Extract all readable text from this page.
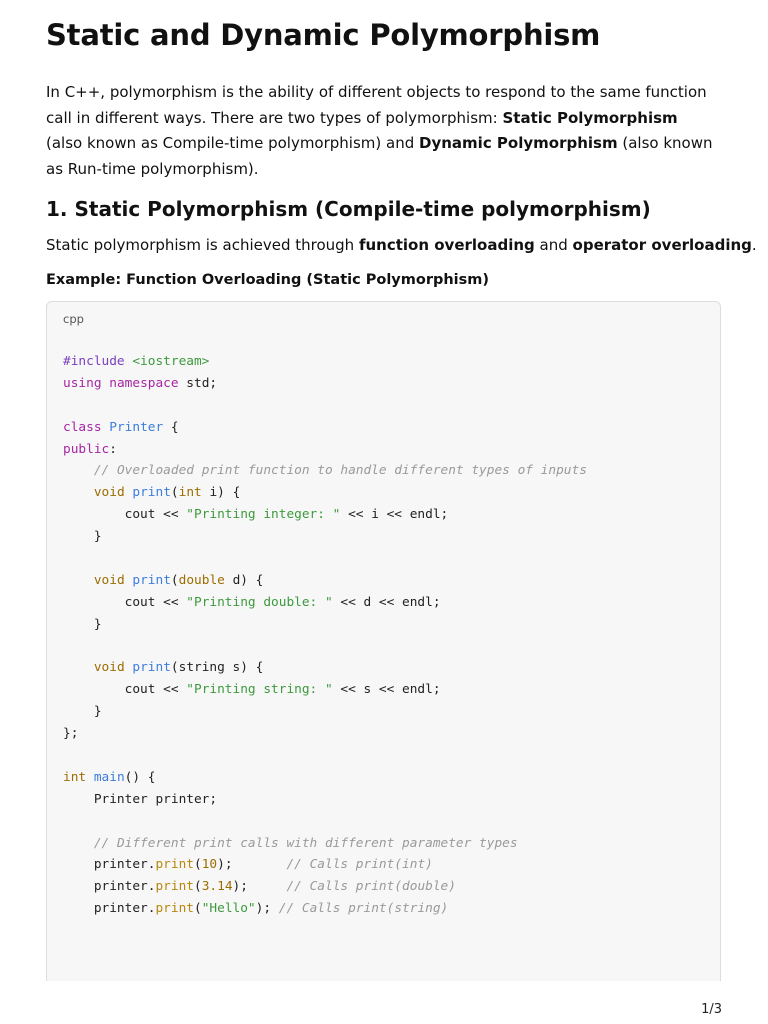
Static and Dynamic Polymorphism

In C++, polymorphism is the ability of different objects to respond to the same function call in different ways. There are two types of polymorphism: Static Polymorphism (also known as Compile-time polymorphism) and Dynamic Polymorphism (also known as Run-time polymorphism).

1. Static Polymorphism (Compile-time polymorphism)

Static polymorphism is achieved through function overloading and operator overloading.

Example: Function Overloading (Static Polymorphism)

cpp
#include <iostream>
using namespace std;

class Printer {
public:
// Overloaded print function to handle different types of inputs
void print(int i) {
cout << "Printing integer: " << i << endl;
}

void print(double d) {
cout << "Printing double: " << d << endl;
}

void print(string s) {
cout << "Printing string: " << s << endl;
}
};

int main() {
Printer printer;

// Different print calls with different parameter types
printer.print(10);       // Calls print(int)
printer.print(3.14);     // Calls print(double)
printer.print("Hello"); // Calls print(string)
1/3
